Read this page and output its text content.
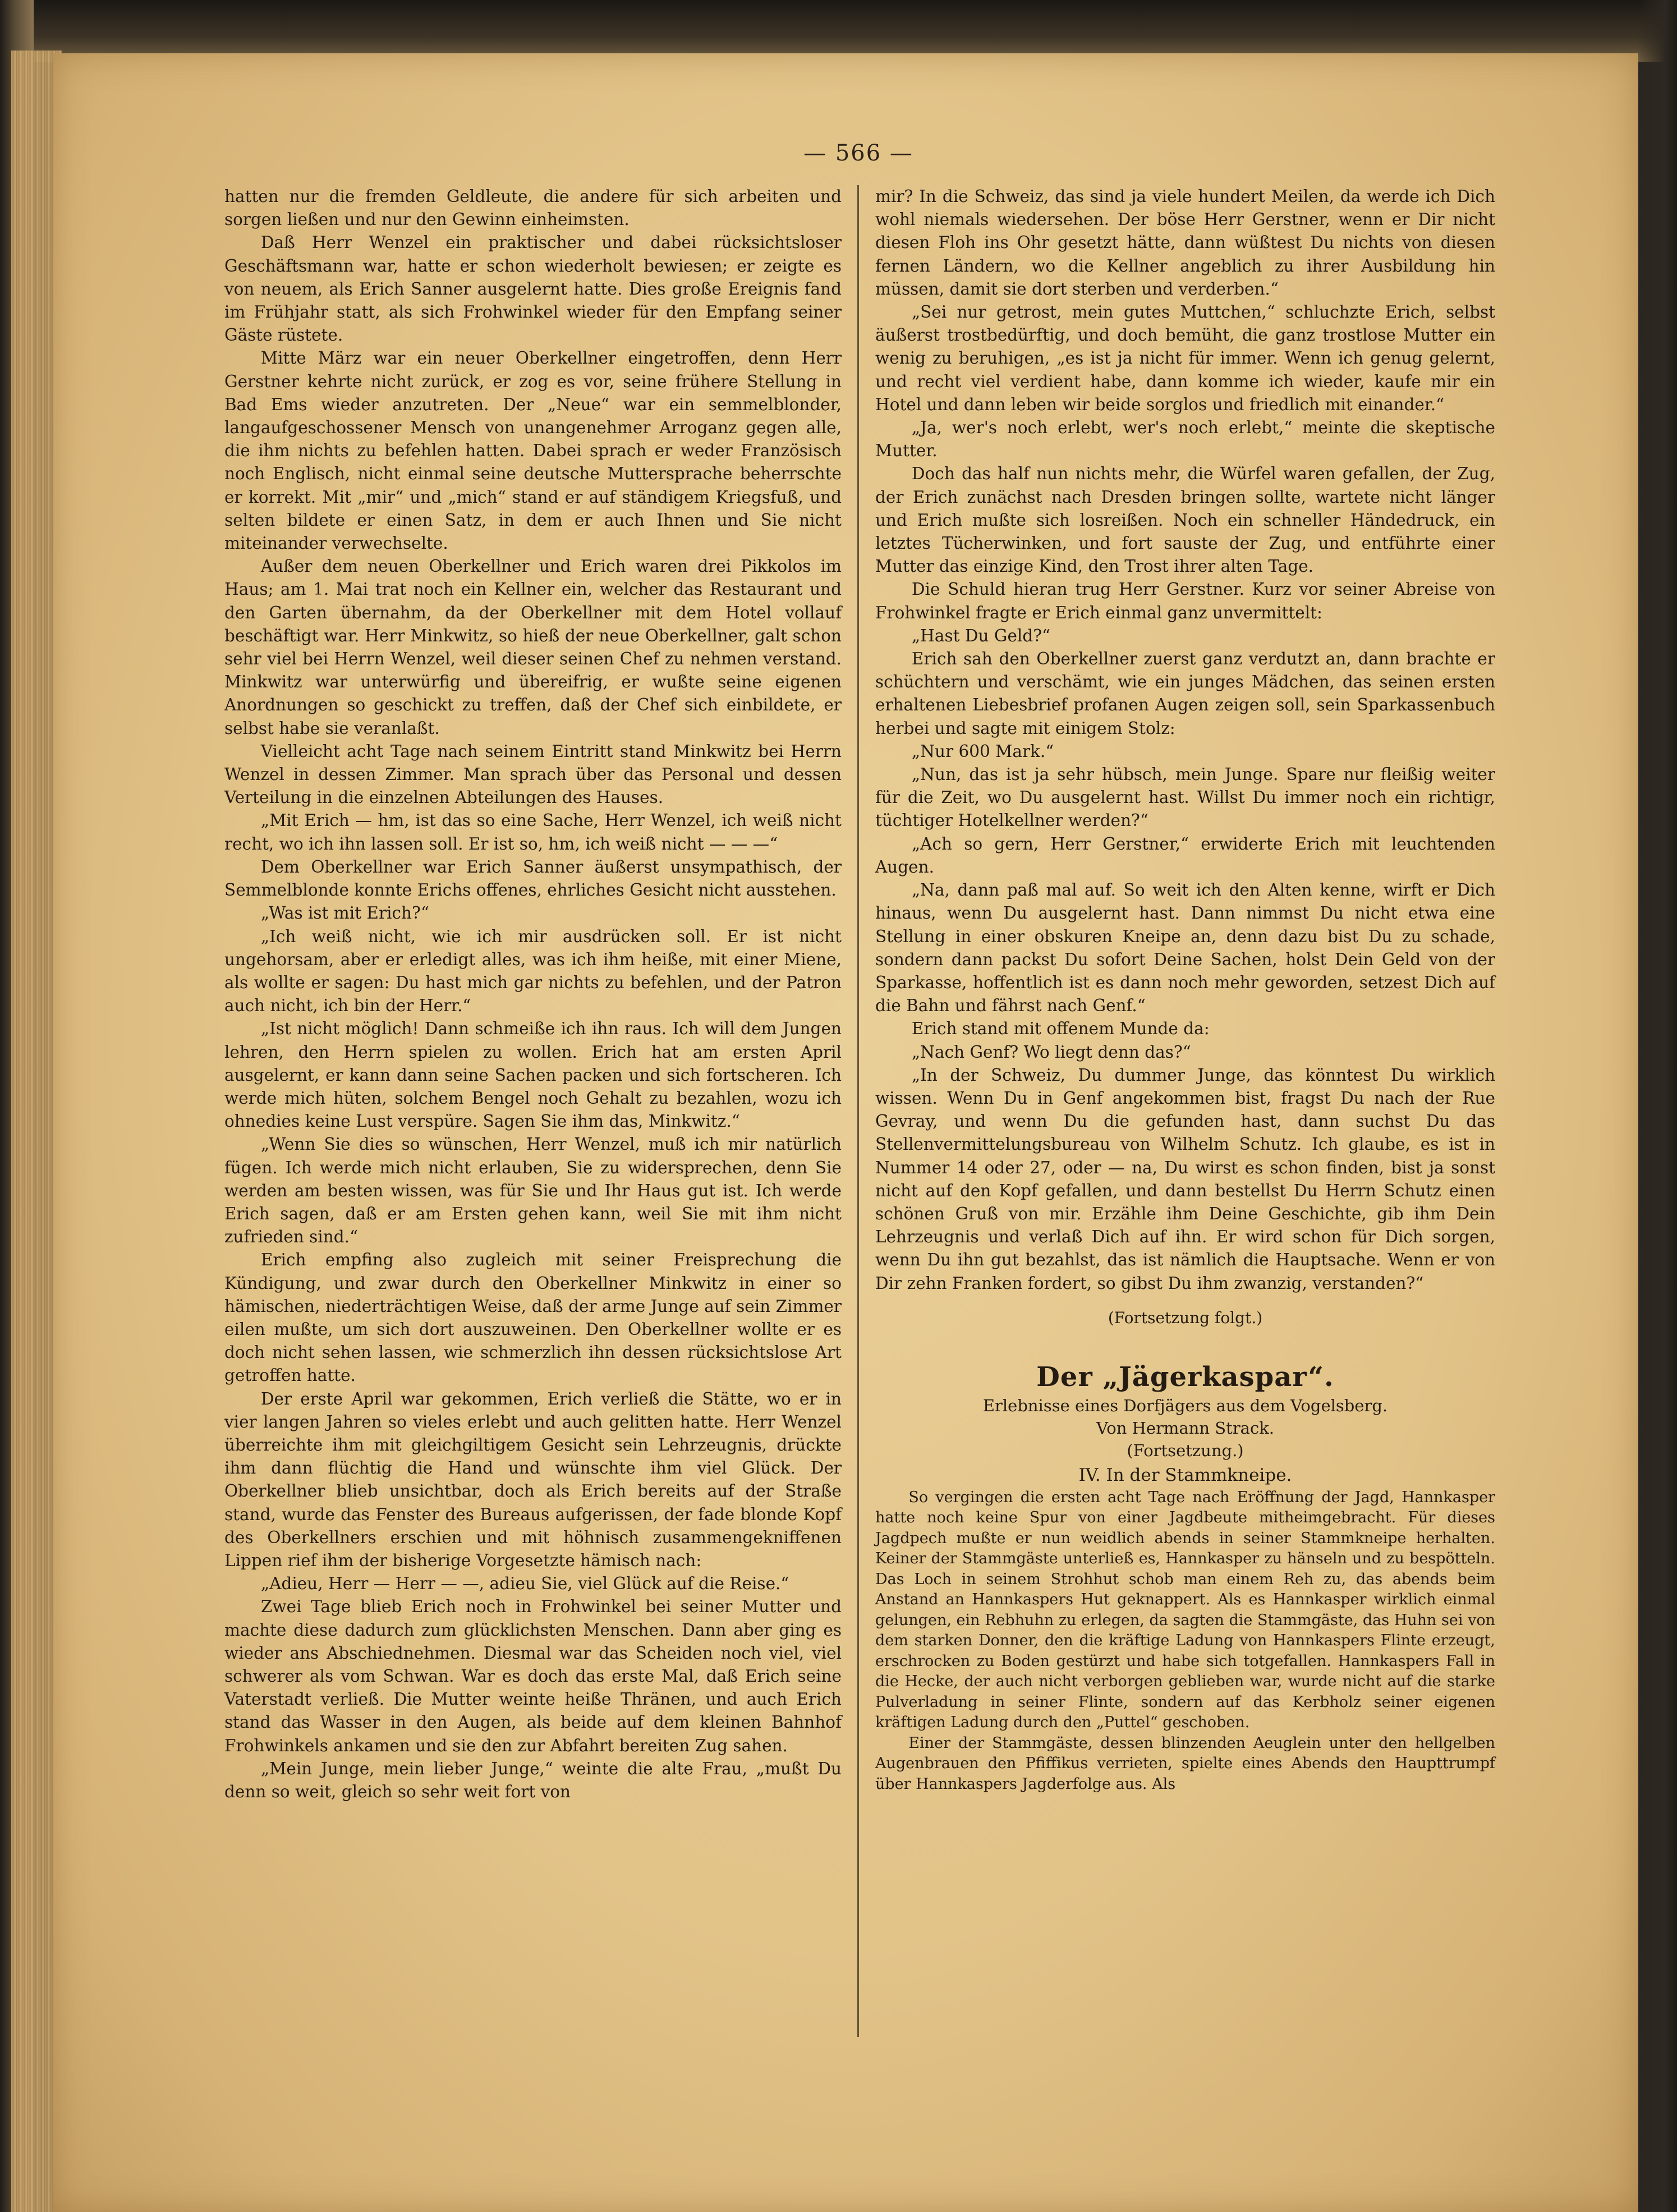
— 566 —

hatten nur die fremden Geldleute, die andere für sich arbeiten und sorgen ließen und nur den Gewinn einheimsten.

Daß Herr Wenzel ein praktischer und dabei rücksichtsloser Geschäftsmann war, hatte er schon wiederholt bewiesen; er zeigte es von neuem, als Erich Sanner ausgelernt hatte. Dies große Ereignis fand im Frühjahr statt, als sich Frohwinkel wieder für den Empfang seiner Gäste rüstete.

Mitte März war ein neuer Oberkellner eingetroffen, denn Herr Gerstner kehrte nicht zurück, er zog es vor, seine frühere Stellung in Bad Ems wieder anzutreten. Der „Neue“ war ein semmelblonder, langaufgeschossener Mensch von unangenehmer Arroganz gegen alle, die ihm nichts zu befehlen hatten. Dabei sprach er weder Französisch noch Englisch, nicht einmal seine deutsche Muttersprache beherrschte er korrekt. Mit „mir“ und „mich“ stand er auf ständigem Kriegsfuß, und selten bildete er einen Satz, in dem er auch Ihnen und Sie nicht miteinander verwechselte.

Außer dem neuen Oberkellner und Erich waren drei Pikkolos im Haus; am 1. Mai trat noch ein Kellner ein, welcher das Restaurant und den Garten übernahm, da der Oberkellner mit dem Hotel vollauf beschäftigt war. Herr Minkwitz, so hieß der neue Oberkellner, galt schon sehr viel bei Herrn Wenzel, weil dieser seinen Chef zu nehmen verstand. Minkwitz war unterwürfig und übereifrig, er wußte seine eigenen Anordnungen so geschickt zu treffen, daß der Chef sich einbildete, er selbst habe sie veranlaßt.

Vielleicht acht Tage nach seinem Eintritt stand Minkwitz bei Herrn Wenzel in dessen Zimmer. Man sprach über das Personal und dessen Verteilung in die einzelnen Abteilungen des Hauses.

„Mit Erich — hm, ist das so eine Sache, Herr Wenzel, ich weiß nicht recht, wo ich ihn lassen soll. Er ist so, hm, ich weiß nicht — — —“

Dem Oberkellner war Erich Sanner äußerst unsympathisch, der Semmelblonde konnte Erichs offenes, ehrliches Gesicht nicht ausstehen.

„Was ist mit Erich?“

„Ich weiß nicht, wie ich mir ausdrücken soll. Er ist nicht ungehorsam, aber er erledigt alles, was ich ihm heiße, mit einer Miene, als wollte er sagen: Du hast mich gar nichts zu befehlen, und der Patron auch nicht, ich bin der Herr.“

„Ist nicht möglich! Dann schmeiße ich ihn raus. Ich will dem Jungen lehren, den Herrn spielen zu wollen. Erich hat am ersten April ausgelernt, er kann dann seine Sachen packen und sich fortscheren. Ich werde mich hüten, solchem Bengel noch Gehalt zu bezahlen, wozu ich ohnedies keine Lust verspüre. Sagen Sie ihm das, Minkwitz.“

„Wenn Sie dies so wünschen, Herr Wenzel, muß ich mir natürlich fügen. Ich werde mich nicht erlauben, Sie zu widersprechen, denn Sie werden am besten wissen, was für Sie und Ihr Haus gut ist. Ich werde Erich sagen, daß er am Ersten gehen kann, weil Sie mit ihm nicht zufrieden sind.“

Erich empfing also zugleich mit seiner Freisprechung die Kündigung, und zwar durch den Oberkellner Minkwitz in einer so hämischen, niederträchtigen Weise, daß der arme Junge auf sein Zimmer eilen mußte, um sich dort auszuweinen. Den Oberkellner wollte er es doch nicht sehen lassen, wie schmerzlich ihn dessen rücksichtslose Art getroffen hatte.

Der erste April war gekommen, Erich verließ die Stätte, wo er in vier langen Jahren so vieles erlebt und auch gelitten hatte. Herr Wenzel überreichte ihm mit gleichgiltigem Gesicht sein Lehrzeugnis, drückte ihm dann flüchtig die Hand und wünschte ihm viel Glück. Der Oberkellner blieb unsichtbar, doch als Erich bereits auf der Straße stand, wurde das Fenster des Bureaus aufgerissen, der fade blonde Kopf des Oberkellners erschien und mit höhnisch zusammengekniffenen Lippen rief ihm der bisherige Vorgesetzte hämisch nach:

„Adieu, Herr — Herr — —, adieu Sie, viel Glück auf die Reise.“

Zwei Tage blieb Erich noch in Frohwinkel bei seiner Mutter und machte diese dadurch zum glücklichsten Menschen. Dann aber ging es wieder ans Abschiednehmen. Diesmal war das Scheiden noch viel, viel schwerer als vom Schwan. War es doch das erste Mal, daß Erich seine Vaterstadt verließ. Die Mutter weinte heiße Thränen, und auch Erich stand das Wasser in den Augen, als beide auf dem kleinen Bahnhof Frohwinkels ankamen und sie den zur Abfahrt bereiten Zug sahen.

„Mein Junge, mein lieber Junge,“ weinte die alte Frau, „mußt Du denn so weit, gleich so sehr weit fort von

mir? In die Schweiz, das sind ja viele hundert Meilen, da werde ich Dich wohl niemals wiedersehen. Der böse Herr Gerstner, wenn er Dir nicht diesen Floh ins Ohr gesetzt hätte, dann wüßtest Du nichts von diesen fernen Ländern, wo die Kellner angeblich zu ihrer Ausbildung hin müssen, damit sie dort sterben und verderben.“

„Sei nur getrost, mein gutes Muttchen,“ schluchzte Erich, selbst äußerst trostbedürftig, und doch bemüht, die ganz trostlose Mutter ein wenig zu beruhigen, „es ist ja nicht für immer. Wenn ich genug gelernt, und recht viel verdient habe, dann komme ich wieder, kaufe mir ein Hotel und dann leben wir beide sorglos und friedlich mit einander.“

„Ja, wer's noch erlebt, wer's noch erlebt,“ meinte die skeptische Mutter.

Doch das half nun nichts mehr, die Würfel waren gefallen, der Zug, der Erich zunächst nach Dresden bringen sollte, wartete nicht länger und Erich mußte sich losreißen. Noch ein schneller Händedruck, ein letztes Tücherwinken, und fort sauste der Zug, und entführte einer Mutter das einzige Kind, den Trost ihrer alten Tage.

Die Schuld hieran trug Herr Gerstner. Kurz vor seiner Abreise von Frohwinkel fragte er Erich einmal ganz unvermittelt:

„Hast Du Geld?“

Erich sah den Oberkellner zuerst ganz verdutzt an, dann brachte er schüchtern und verschämt, wie ein junges Mädchen, das seinen ersten erhaltenen Liebesbrief profanen Augen zeigen soll, sein Sparkassenbuch herbei und sagte mit einigem Stolz:

„Nur 600 Mark.“

„Nun, das ist ja sehr hübsch, mein Junge. Spare nur fleißig weiter für die Zeit, wo Du ausgelernt hast. Willst Du immer noch ein richtigr, tüchtiger Hotelkellner werden?“

„Ach so gern, Herr Gerstner,“ erwiderte Erich mit leuchtenden Augen.

„Na, dann paß mal auf. So weit ich den Alten kenne, wirft er Dich hinaus, wenn Du ausgelernt hast. Dann nimmst Du nicht etwa eine Stellung in einer obskuren Kneipe an, denn dazu bist Du zu schade, sondern dann packst Du sofort Deine Sachen, holst Dein Geld von der Sparkasse, hoffentlich ist es dann noch mehr geworden, setzest Dich auf die Bahn und fährst nach Genf.“

Erich stand mit offenem Munde da:

„Nach Genf? Wo liegt denn das?“

„In der Schweiz, Du dummer Junge, das könntest Du wirklich wissen. Wenn Du in Genf angekommen bist, fragst Du nach der Rue Gevray, und wenn Du die gefunden hast, dann suchst Du das Stellenvermittelungsbureau von Wilhelm Schutz. Ich glaube, es ist in Nummer 14 oder 27, oder — na, Du wirst es schon finden, bist ja sonst nicht auf den Kopf gefallen, und dann bestellst Du Herrn Schutz einen schönen Gruß von mir. Erzähle ihm Deine Geschichte, gib ihm Dein Lehrzeugnis und verlaß Dich auf ihn. Er wird schon für Dich sorgen, wenn Du ihn gut bezahlst, das ist nämlich die Hauptsache. Wenn er von Dir zehn Franken fordert, so gibst Du ihm zwanzig, verstanden?“

(Fortsetzung folgt.)

Der „Jägerkaspar“.
Erlebnisse eines Dorfjägers aus dem Vogelsberg.
Von Hermann Strack.
(Fortsetzung.)
IV. In der Stammkneipe.

So vergingen die ersten acht Tage nach Eröffnung der Jagd, Hannkasper hatte noch keine Spur von einer Jagdbeute mitheimgebracht. Für dieses Jagdpech mußte er nun weidlich abends in seiner Stammkneipe herhalten. Keiner der Stammgäste unterließ es, Hannkasper zu hänseln und zu bespötteln. Das Loch in seinem Strohhut schob man einem Reh zu, das abends beim Anstand an Hannkaspers Hut geknappert. Als es Hannkasper wirklich einmal gelungen, ein Rebhuhn zu erlegen, da sagten die Stammgäste, das Huhn sei von dem starken Donner, den die kräftige Ladung von Hannkaspers Flinte erzeugt, erschrocken zu Boden gestürzt und habe sich totgefallen. Hannkaspers Fall in die Hecke, der auch nicht verborgen geblieben war, wurde nicht auf die starke Pulverladung in seiner Flinte, sondern auf das Kerbholz seiner eigenen kräftigen Ladung durch den „Puttel“ geschoben.

Einer der Stammgäste, dessen blinzenden Aeuglein unter den hellgelben Augenbrauen den Pfiffikus verrieten, spielte eines Abends den Haupttrumpf über Hannkaspers Jagderfolge aus. Als
